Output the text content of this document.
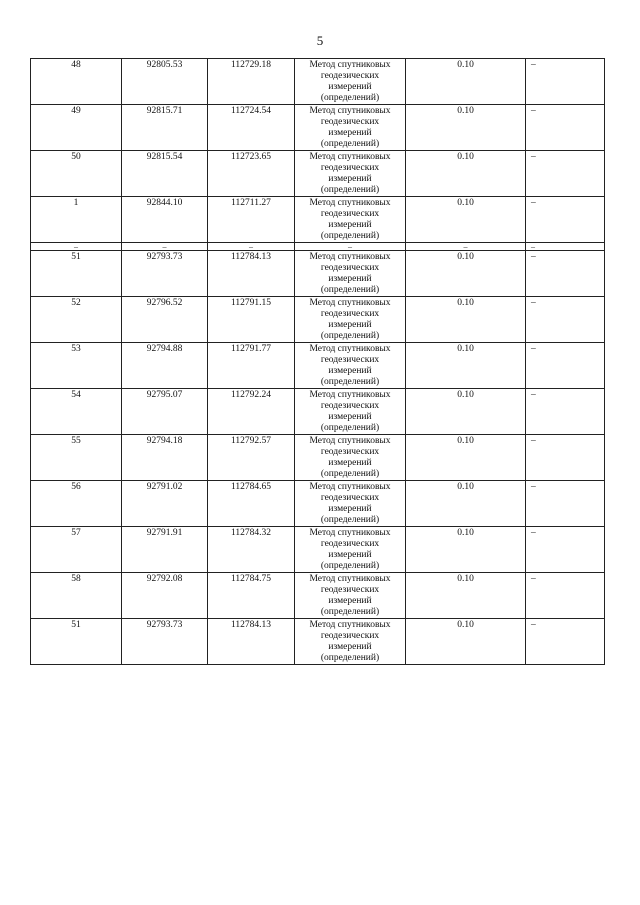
5
48	92805.53	112729.18	Метод спутниковых
геодезических
измерений
(определений)	0.10	–
49	92815.71	112724.54	Метод спутниковых
геодезических
измерений
(определений)	0.10	–
50	92815.54	112723.65	Метод спутниковых
геодезических
измерений
(определений)	0.10	–
1	92844.10	112711.27	Метод спутниковых
геодезических
измерений
(определений)	0.10	–
–	–	–	–	–	–
51	92793.73	112784.13	Метод спутниковых
геодезических
измерений
(определений)	0.10	–
52	92796.52	112791.15	Метод спутниковых
геодезических
измерений
(определений)	0.10	–
53	92794.88	112791.77	Метод спутниковых
геодезических
измерений
(определений)	0.10	–
54	92795.07	112792.24	Метод спутниковых
геодезических
измерений
(определений)	0.10	–
55	92794.18	112792.57	Метод спутниковых
геодезических
измерений
(определений)	0.10	–
56	92791.02	112784.65	Метод спутниковых
геодезических
измерений
(определений)	0.10	–
57	92791.91	112784.32	Метод спутниковых
геодезических
измерений
(определений)	0.10	–
58	92792.08	112784.75	Метод спутниковых
геодезических
измерений
(определений)	0.10	–
51	92793.73	112784.13	Метод спутниковых
геодезических
измерений
(определений)	0.10	–
